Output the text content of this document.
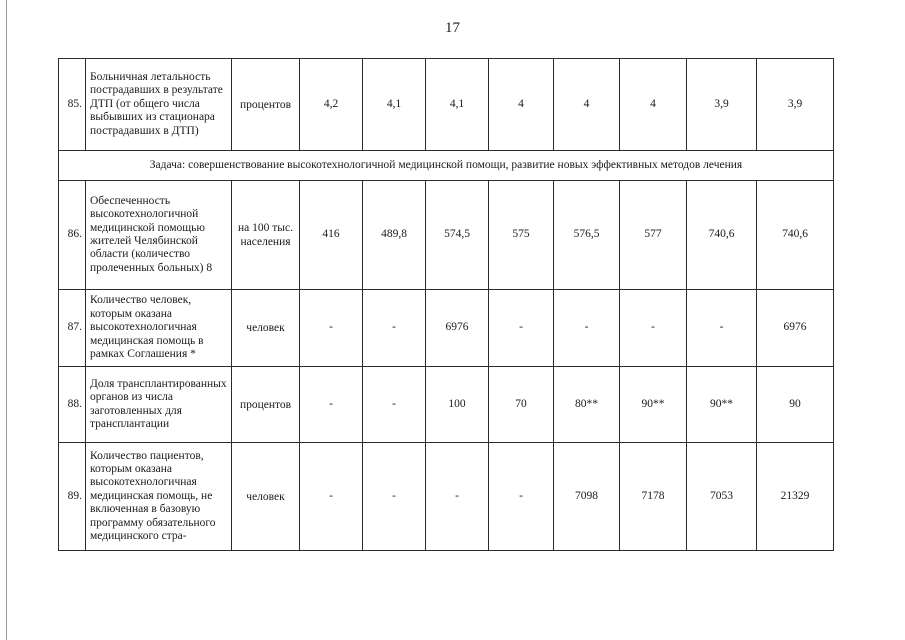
17
85.	Больничная летальность пострадавших в результате ДТП (от общего числа выбывших из стационара пострадавших в ДТП)	процентов	4,2	4,1	4,1	4	4	4	3,9	3,9
Задача: совершенствование высокотехнологичной медицинской помощи, развитие новых эффективных методов лечения										
86.	Обеспеченность высокотехнологичной медицинской помощью жителей Челябинской области (количество пролеченных больных) 8	на 100 тыс. населения	416	489,8	574,5	575	576,5	577	740,6	740,6
87.	Количество человек, которым оказана высокотехнологичная медицинская помощь в рамках Соглашения *	человек	-	-	6976	-	-	-	-	6976
88.	Доля трансплантированных органов из числа заготовленных для трансплантации	процентов	-	-	100	70	80**	90**	90**	90
89.	Количество пациентов, которым оказана высокотехнологичная медицинская помощь, не включенная в базовую программу обязательного медицинского стра-	человек	-	-	-	-	7098	7178	7053	21329
